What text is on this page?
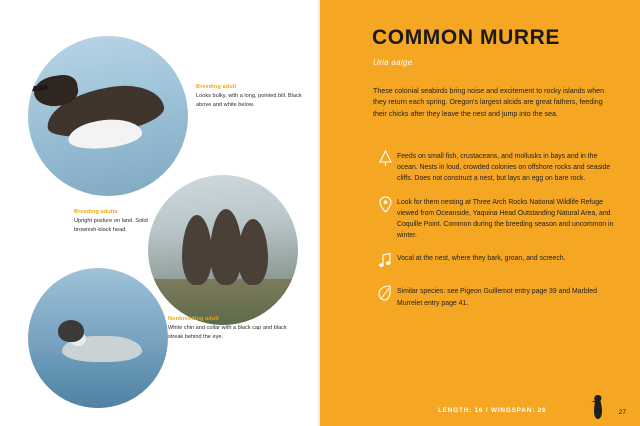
Breeding adult
Looks bulky, with a long, pointed bill. Black above and white below.
Breeding adults
Upright posture on land. Solid brownish-black head.
Nonbreeding adult
White chin and collar with a black cap and black streak behind the eye.
COMMON MURRE
Uria aalge
These colonial seabirds bring noise and excitement to rocky islands when they return each spring. Oregon's largest alcids are great fathers, feeding their chicks after they leave the nest and jump into the sea.
Feeds on small fish, crustaceans, and mollusks in bays and in the ocean. Nests in loud, crowded colonies on offshore rocks and seaside cliffs. Does not construct a nest, but lays an egg on bare rock.
Look for them nesting at Three Arch Rocks National Wildlife Refuge viewed from Oceanside, Yaquina Head Outstanding Natural Area, and Coquille Point. Common during the breeding season and uncommon in winter.
Vocal at the nest, where they bark, groan, and screech.
Similar species: see Pigeon Guillemot entry page 39 and Marbled Murrelet entry page 41.
LENGTH: 16 / WINGSPAN: 26	27
